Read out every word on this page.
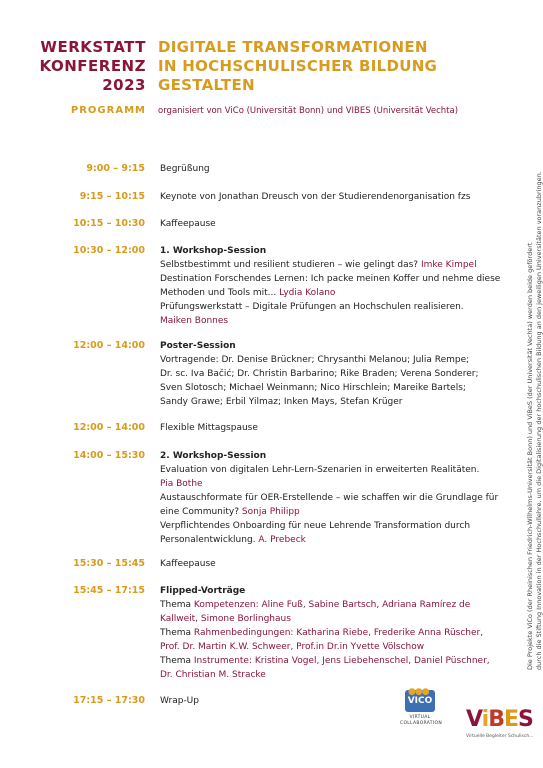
WERKSTATT
KONFERENZ
2023
PROGRAMM
DIGITALE TRANSFORMATIONEN
IN HOCHSCHULISCHER BILDUNG
GESTALTEN
organisiert von ViCo (Universität Bonn) und VIBES (Universität Vechta)
9:00 – 9:15 Begrüßung
9:15 – 10:15 Keynote von Jonathan Dreusch von der Studierendenorganisation fzs
10:15 – 10:30 Kaffeepause
10:30 – 12:00 1. Workshop-Session
Selbstbestimmt und resilient studieren – wie gelingt das? Imke Kimpel
Destination Forschendes Lernen: Ich packe meinen Koffer und nehme diese
Methoden und Tools mit... Lydia Kolano
Prüfungswerkstatt – Digitale Prüfungen an Hochschulen realisieren.
Maiken Bonnes
12:00 – 14:00 Poster-Session
Vortragende: Dr. Denise Brückner; Chrysanthi Melanou; Julia Rempe;
Dr. sc. Iva Bačić; Dr. Christin Barbarino; Rike Braden; Verena Sonderer;
Sven Slotosch; Michael Weinmann; Nico Hirschlein; Mareike Bartels;
Sandy Grawe; Erbil Yilmaz; Inken Mays, Stefan Krüger
12:00 – 14:00 Flexible Mittagspause
14:00 – 15:30 2. Workshop-Session
Evaluation von digitalen Lehr-Lern-Szenarien in erweiterten Realitäten.
Pia Bothe
Austauschformate für OER-Erstellende – wie schaffen wir die Grundlage für
eine Community? Sonja Philipp
Verpflichtendes Onboarding für neue Lehrende Transformation durch
Personalentwicklung. A. Prebeck
15:30 – 15:45 Kaffeepause
15:45 – 17:15 Flipped-Vorträge
Thema Kompetenzen: Aline Fuß, Sabine Bartsch, Adriana Ramírez de
Kallweit, Simone Borlinghaus
Thema Rahmenbedingungen: Katharina Riebe, Frederike Anna Rüscher,
Prof. Dr. Martin K.W. Schweer, Prof.in Dr.in Yvette Völschow
Thema Instrumente: Kristina Vogel, Jens Liebehenschel, Daniel Püschner,
Dr. Christian M. Stracke
17:15 – 17:30 Wrap-Up
Die Projekte ViCo (der Rheinischen Friedrich-Wilhelms-Universität Bonn) und ViBeS (der Universität Vechta) werden beide gefördert durch die Stiftung Innovation in der Hochschullehre, um die Digitalisierung der hochschulischen Bildung an den jeweiligen Universitäten voranzubringen.
●●●
VICO
VIRTUAL
COLLABORATION ViBES
Virtuelle Begleiter Schulisch...
